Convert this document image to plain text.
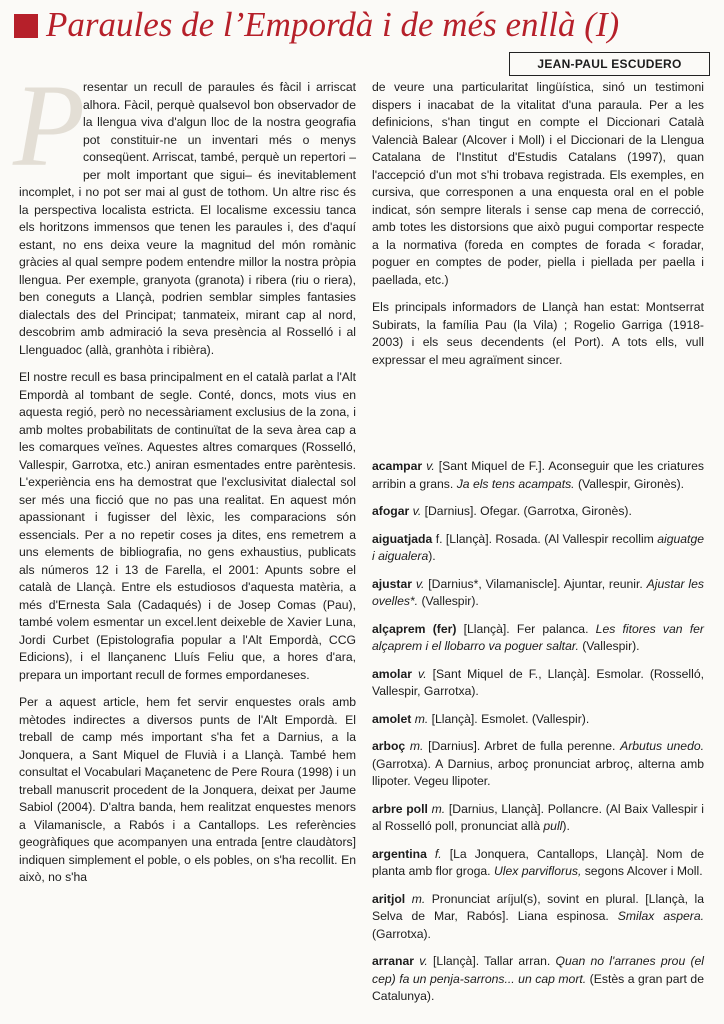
Paraules de l’Empordà i de més enllà (I)
JEAN-PAUL ESCUDERO

P
resentar un recull de paraules és fàcil i arriscat alhora. Fàcil, perquè qualsevol bon observador de la llengua viva d'algun lloc de la nostra geografia pot constituir-ne un inventari més o menys conseqüent. Arriscat, també, perquè un repertori –per molt important que sigui– és inevitablement incomplet, i no pot ser mai al gust de tothom. Un altre risc és la perspectiva localista estricta. El localisme excessiu tanca els horitzons immensos que tenen les paraules i, des d'aquí estant, no ens deixa veure la magnitud del món romànic gràcies al qual sempre podem entendre millor la nostra pròpia llengua. Per exemple, granyota (granota) i ribera (riu o riera), ben coneguts a Llançà, podrien semblar simples fantasies dialectals des del Principat; tanmateix, mirant cap al nord, descobrim amb admiració la seva presència al Rosselló i al Llenguadoc (allà, granhòta i ribièra).

El nostre recull es basa principalment en el català parlat a l'Alt Empordà al tombant de segle. Conté, doncs, mots vius en aquesta regió, però no necessàriament exclusius de la zona, i amb moltes probabilitats de continuïtat de la seva àrea cap a les comarques veïnes. Aquestes altres comarques (Rosselló, Vallespir, Garrotxa, etc.) aniran esmentades entre parèntesis. L'experiència ens ha demostrat que l'exclusivitat dialectal sol ser més una ficció que no pas una realitat. En aquest món apassionant i fugisser del lèxic, les comparacions són essencials. Per a no repetir coses ja dites, ens remetrem a uns elements de bibliografia, no gens exhaustius, publicats als números 12 i 13 de Farella, el 2001: Apunts sobre el català de Llançà. Entre els estudiosos d'aquesta matèria, a més d'Ernesta Sala (Cadaqués) i de Josep Comas (Pau), també volem esmentar un excel.lent deixeble de Xavier Luna, Jordi Curbet (Epistolografia popular a l'Alt Empordà, CCG Edicions), i el llançanenc Lluís Feliu que, a hores d'ara, prepara un important recull de formes empordaneses.

Per a aquest article, hem fet servir enquestes orals amb mètodes indirectes a diversos punts de l'Alt Empordà. El treball de camp més important s'ha fet a Darnius, a la Jonquera, a Sant Miquel de Fluvià i a Llançà. També hem consultat el Vocabulari Maçanetenc de Pere Roura (1998) i un treball manuscrit procedent de la Jonquera, deixat per Jaume Sabiol (2004). D'altra banda, hem realitzat enquestes menors a Vilamaniscle, a Rabós i a Cantallops. Les referències geogràfiques que acompanyen una entrada [entre claudàtors] indiquen simplement el poble, o els pobles, on s'ha recollit. En això, no s'ha

de veure una particularitat lingüística, sinó un testimoni dispers i inacabat de la vitalitat d'una paraula. Per a les definicions, s'han tingut en compte el Diccionari Català Valencià Balear (Alcover i Moll) i el Diccionari de la Llengua Catalana de l'Institut d'Estudis Catalans (1997), quan l'accepció d'un mot s'hi trobava registrada. Els exemples, en cursiva, que corresponen a una enquesta oral en el poble indicat, són sempre literals i sense cap mena de correcció, amb totes les distorsions que això pugui comportar respecte a la normativa (foreda en comptes de forada < foradar, poguer en comptes de poder, piella i piellada per paella i paellada, etc.)

Els principals informadors de Llançà han estat: Montserrat Subirats, la família Pau (la Vila) ; Rogelio Garriga (1918-2003) i els seus decendents (el Port). A tots ells, vull expressar el meu agraïment sincer.

acampar v. [Sant Miquel de F.]. Aconseguir que les criatures arribin a grans. Ja els tens acampats. (Vallespir, Gironès).

afogar v. [Darnius]. Ofegar. (Garrotxa, Gironès).

aiguatjada f. [Llançà]. Rosada. (Al Vallespir recollim aiguatge i aigualera).

ajustar v. [Darnius*, Vilamaniscle]. Ajuntar, reunir. Ajustar les ovelles*. (Vallespir).

alçaprem (fer) [Llançà]. Fer palanca. Les fitores van fer alçaprem i el llobarro va poguer saltar. (Vallespir).

amolar v. [Sant Miquel de F., Llançà]. Esmolar. (Rosselló, Vallespir, Garrotxa).

amolet m. [Llançà]. Esmolet. (Vallespir).

arboç m. [Darnius]. Arbret de fulla perenne. Arbutus unedo. (Garrotxa). A Darnius, arboç pronunciat arbroç, alterna amb llipoter. Vegeu llipoter.

arbre poll m. [Darnius, Llançà]. Pollancre. (Al Baix Vallespir i al Rosselló poll, pronunciat allà pull).

argentina f. [La Jonquera, Cantallops, Llançà]. Nom de planta amb flor groga. Ulex parviflorus, segons Alcover i Moll.

aritjol m. Pronunciat aríjul(s), sovint en plural. [Llançà, la Selva de Mar, Rabós]. Liana espinosa. Smilax aspera. (Garrotxa).

arranar v. [Llançà]. Tallar arran. Quan no l'arranes prou (el cep) fa un penja-sarrons... un cap mort. (Estès a gran part de Catalunya).
